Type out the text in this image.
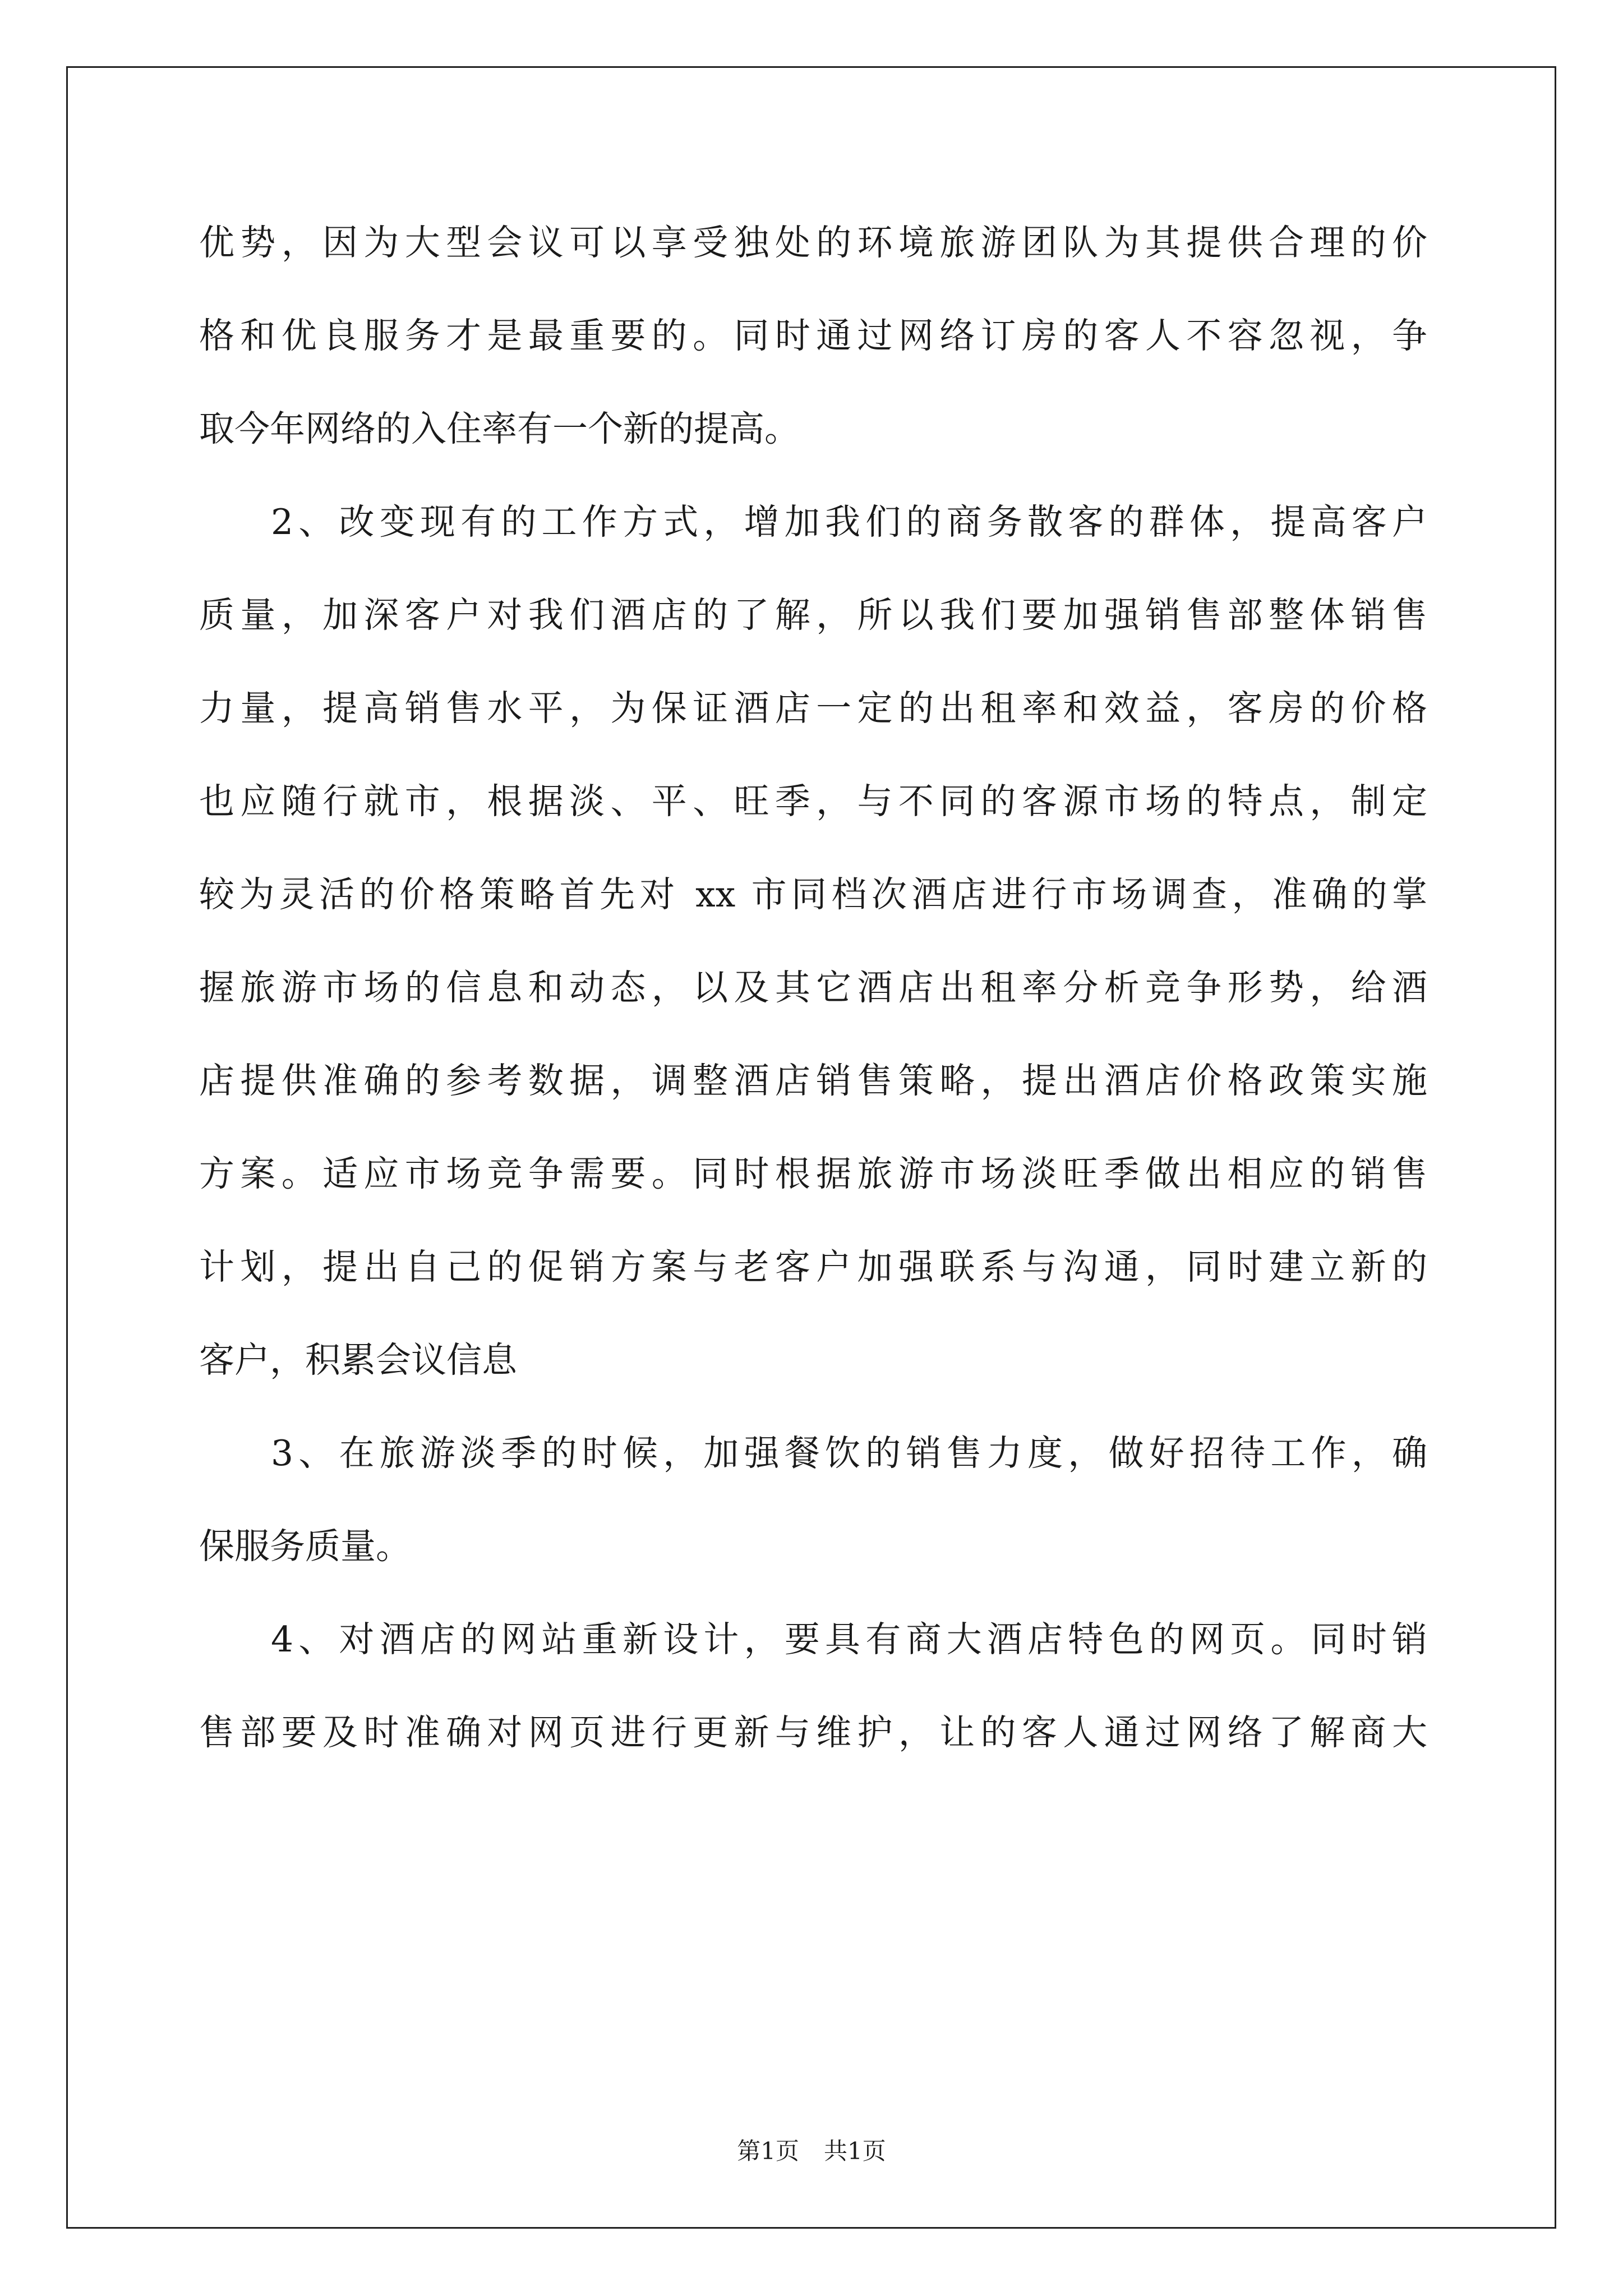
优势，因为大型会议可以享受独处的环境旅游团队为其提供合理的价
格和优良服务才是最重要的。同时通过网络订房的客人不容忽视，争
取今年网络的入住率有一个新的提高。
2、改变现有的工作方式，增加我们的商务散客的群体，提高客户
质量，加深客户对我们酒店的了解，所以我们要加强销售部整体销售
力量，提高销售水平，为保证酒店一定的出租率和效益，客房的价格
也应随行就市，根据淡、平、旺季，与不同的客源市场的特点，制定
较为灵活的价格策略首先对 xx 市同档次酒店进行市场调查，准确的掌
握旅游市场的信息和动态，以及其它酒店出租率分析竞争形势，给酒
店提供准确的参考数据，调整酒店销售策略，提出酒店价格政策实施
方案。适应市场竞争需要。同时根据旅游市场淡旺季做出相应的销售
计划，提出自己的促销方案与老客户加强联系与沟通，同时建立新的
客户，积累会议信息
3、在旅游淡季的时候，加强餐饮的销售力度，做好招待工作，确
保服务质量。
4、对酒店的网站重新设计，要具有商大酒店特色的网页。同时销
售部要及时准确对网页进行更新与维护，让的客人通过网络了解商大
第1页 共1页
